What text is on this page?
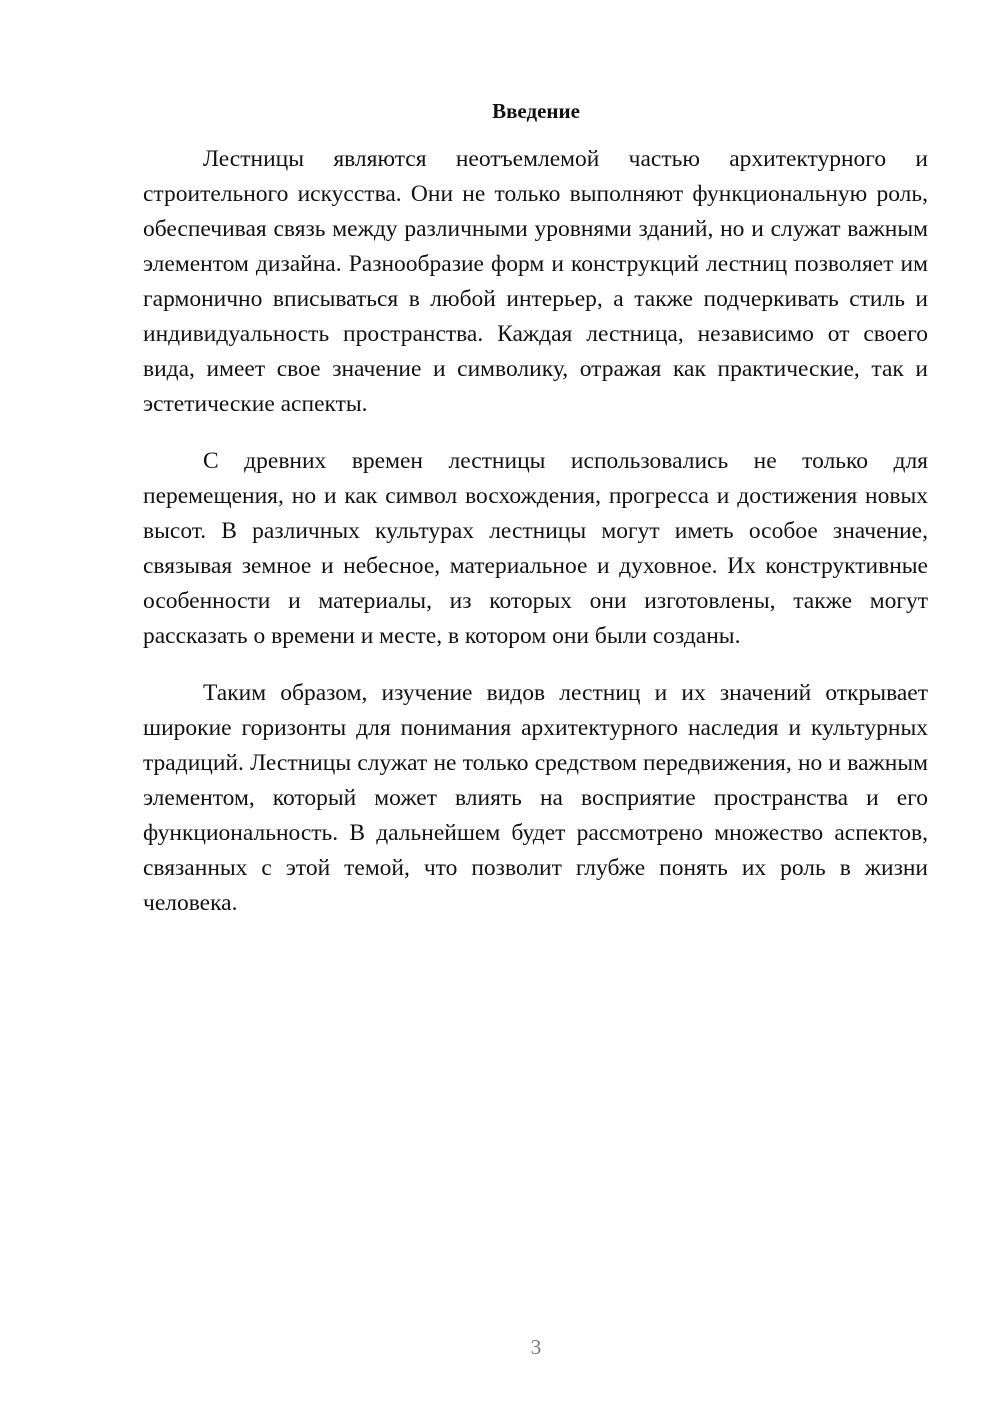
Введение

Лестницы являются неотъемлемой частью архитектурного и строительного искусства. Они не только выполняют функциональную роль, обеспечивая связь между различными уровнями зданий, но и служат важным элементом дизайна. Разнообразие форм и конструкций лестниц позволяет им гармонично вписываться в любой интерьер, а также подчеркивать стиль и индивидуальность пространства. Каждая лестница, независимо от своего вида, имеет свое значение и символику, отражая как практические, так и эстетические аспекты.

С древних времен лестницы использовались не только для перемещения, но и как символ восхождения, прогресса и достижения новых высот. В различных культурах лестницы могут иметь особое значение, связывая земное и небесное, материальное и духовное. Их конструктивные особенности и материалы, из которых они изготовлены, также могут рассказать о времени и месте, в котором они были созданы.

Таким образом, изучение видов лестниц и их значений открывает широкие горизонты для понимания архитектурного наследия и культурных традиций. Лестницы служат не только средством передвижения, но и важным элементом, который может влиять на восприятие пространства и его функциональность. В дальнейшем будет рассмотрено множество аспектов, связанных с этой темой, что позволит глубже понять их роль в жизни человека.

3
